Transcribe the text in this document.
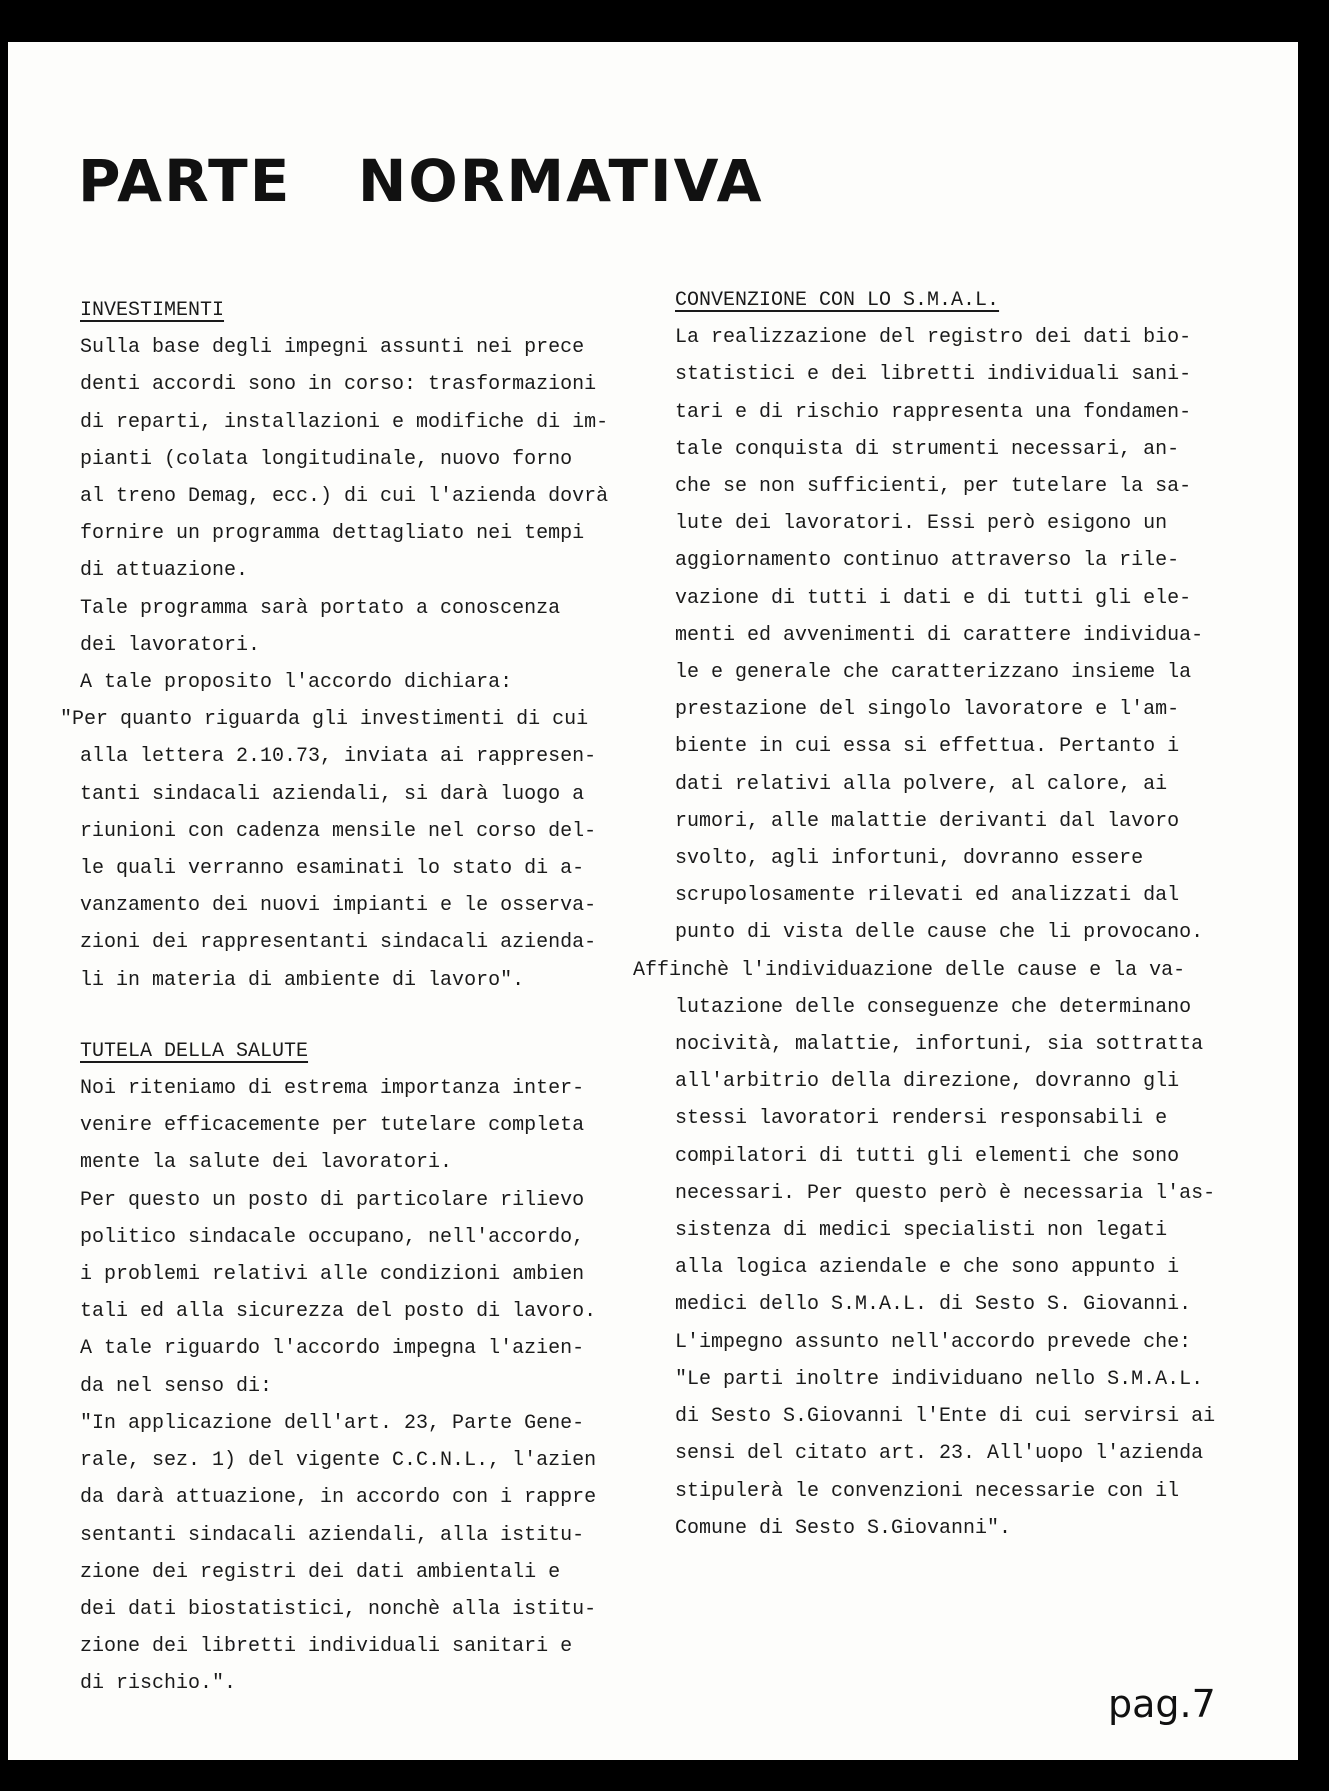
PARTE   NORMATIVA
INVESTIMENTI
Sulla base degli impegni assunti nei prece
denti accordi sono in corso: trasformazioni
di reparti, installazioni e modifiche di im-
pianti (colata longitudinale, nuovo forno
al treno Demag, ecc.) di cui l'azienda dovrà
fornire un programma dettagliato nei tempi
di attuazione.
Tale programma sarà portato a conoscenza
dei lavoratori.
A tale proposito l'accordo dichiara:
"Per quanto riguarda gli investimenti di cui
alla lettera 2.10.73, inviata ai rappresen-
tanti sindacali aziendali, si darà luogo a
riunioni con cadenza mensile nel corso del-
le quali verranno esaminati lo stato di a-
vanzamento dei nuovi impianti e le osserva-
zioni dei rappresentanti sindacali azienda-
li in materia di ambiente di lavoro".
TUTELA DELLA SALUTE
Noi riteniamo di estrema importanza inter-
venire efficacemente per tutelare completa
mente la salute dei lavoratori.
Per questo un posto di particolare rilievo
politico sindacale occupano, nell'accordo,
i problemi relativi alle condizioni ambien
tali ed alla sicurezza del posto di lavoro.
A tale riguardo l'accordo impegna l'azien-
da nel senso di:
"In applicazione dell'art. 23, Parte Gene-
rale, sez. 1) del vigente C.C.N.L., l'azien
da darà attuazione, in accordo con i rappre
sentanti sindacali aziendali, alla istitu-
zione dei registri dei dati ambientali e
dei dati biostatistici, nonchè alla istitu-
zione dei libretti individuali sanitari e
di rischio.".
CONVENZIONE CON LO S.M.A.L.
La realizzazione del registro dei dati bio-
statistici e dei libretti individuali sani-
tari e di rischio rappresenta una fondamen-
tale conquista di strumenti necessari, an-
che se non sufficienti, per tutelare la sa-
lute dei lavoratori. Essi però esigono un
aggiornamento continuo attraverso la rile-
vazione di tutti i dati e di tutti gli ele-
menti ed avvenimenti di carattere individua-
le e generale che caratterizzano insieme la
prestazione del singolo lavoratore e l'am-
biente in cui essa si effettua. Pertanto i
dati relativi alla polvere, al calore, ai
rumori, alle malattie derivanti dal lavoro
svolto, agli infortuni, dovranno essere
scrupolosamente rilevati ed analizzati dal
punto di vista delle cause che li provocano.
Affinchè l'individuazione delle cause e la va-
lutazione delle conseguenze che determinano
nocività, malattie, infortuni, sia sottratta
all'arbitrio della direzione, dovranno gli
stessi lavoratori rendersi responsabili e
compilatori di tutti gli elementi che sono
necessari. Per questo però è necessaria l'as-
sistenza di medici specialisti non legati
alla logica aziendale e che sono appunto i
medici dello S.M.A.L. di Sesto S. Giovanni.
L'impegno assunto nell'accordo prevede che:
"Le parti inoltre individuano nello S.M.A.L.
di Sesto S.Giovanni l'Ente di cui servirsi ai
sensi del citato art. 23. All'uopo l'azienda
stipulerà le convenzioni necessarie con il
Comune di Sesto S.Giovanni".
pag.7
